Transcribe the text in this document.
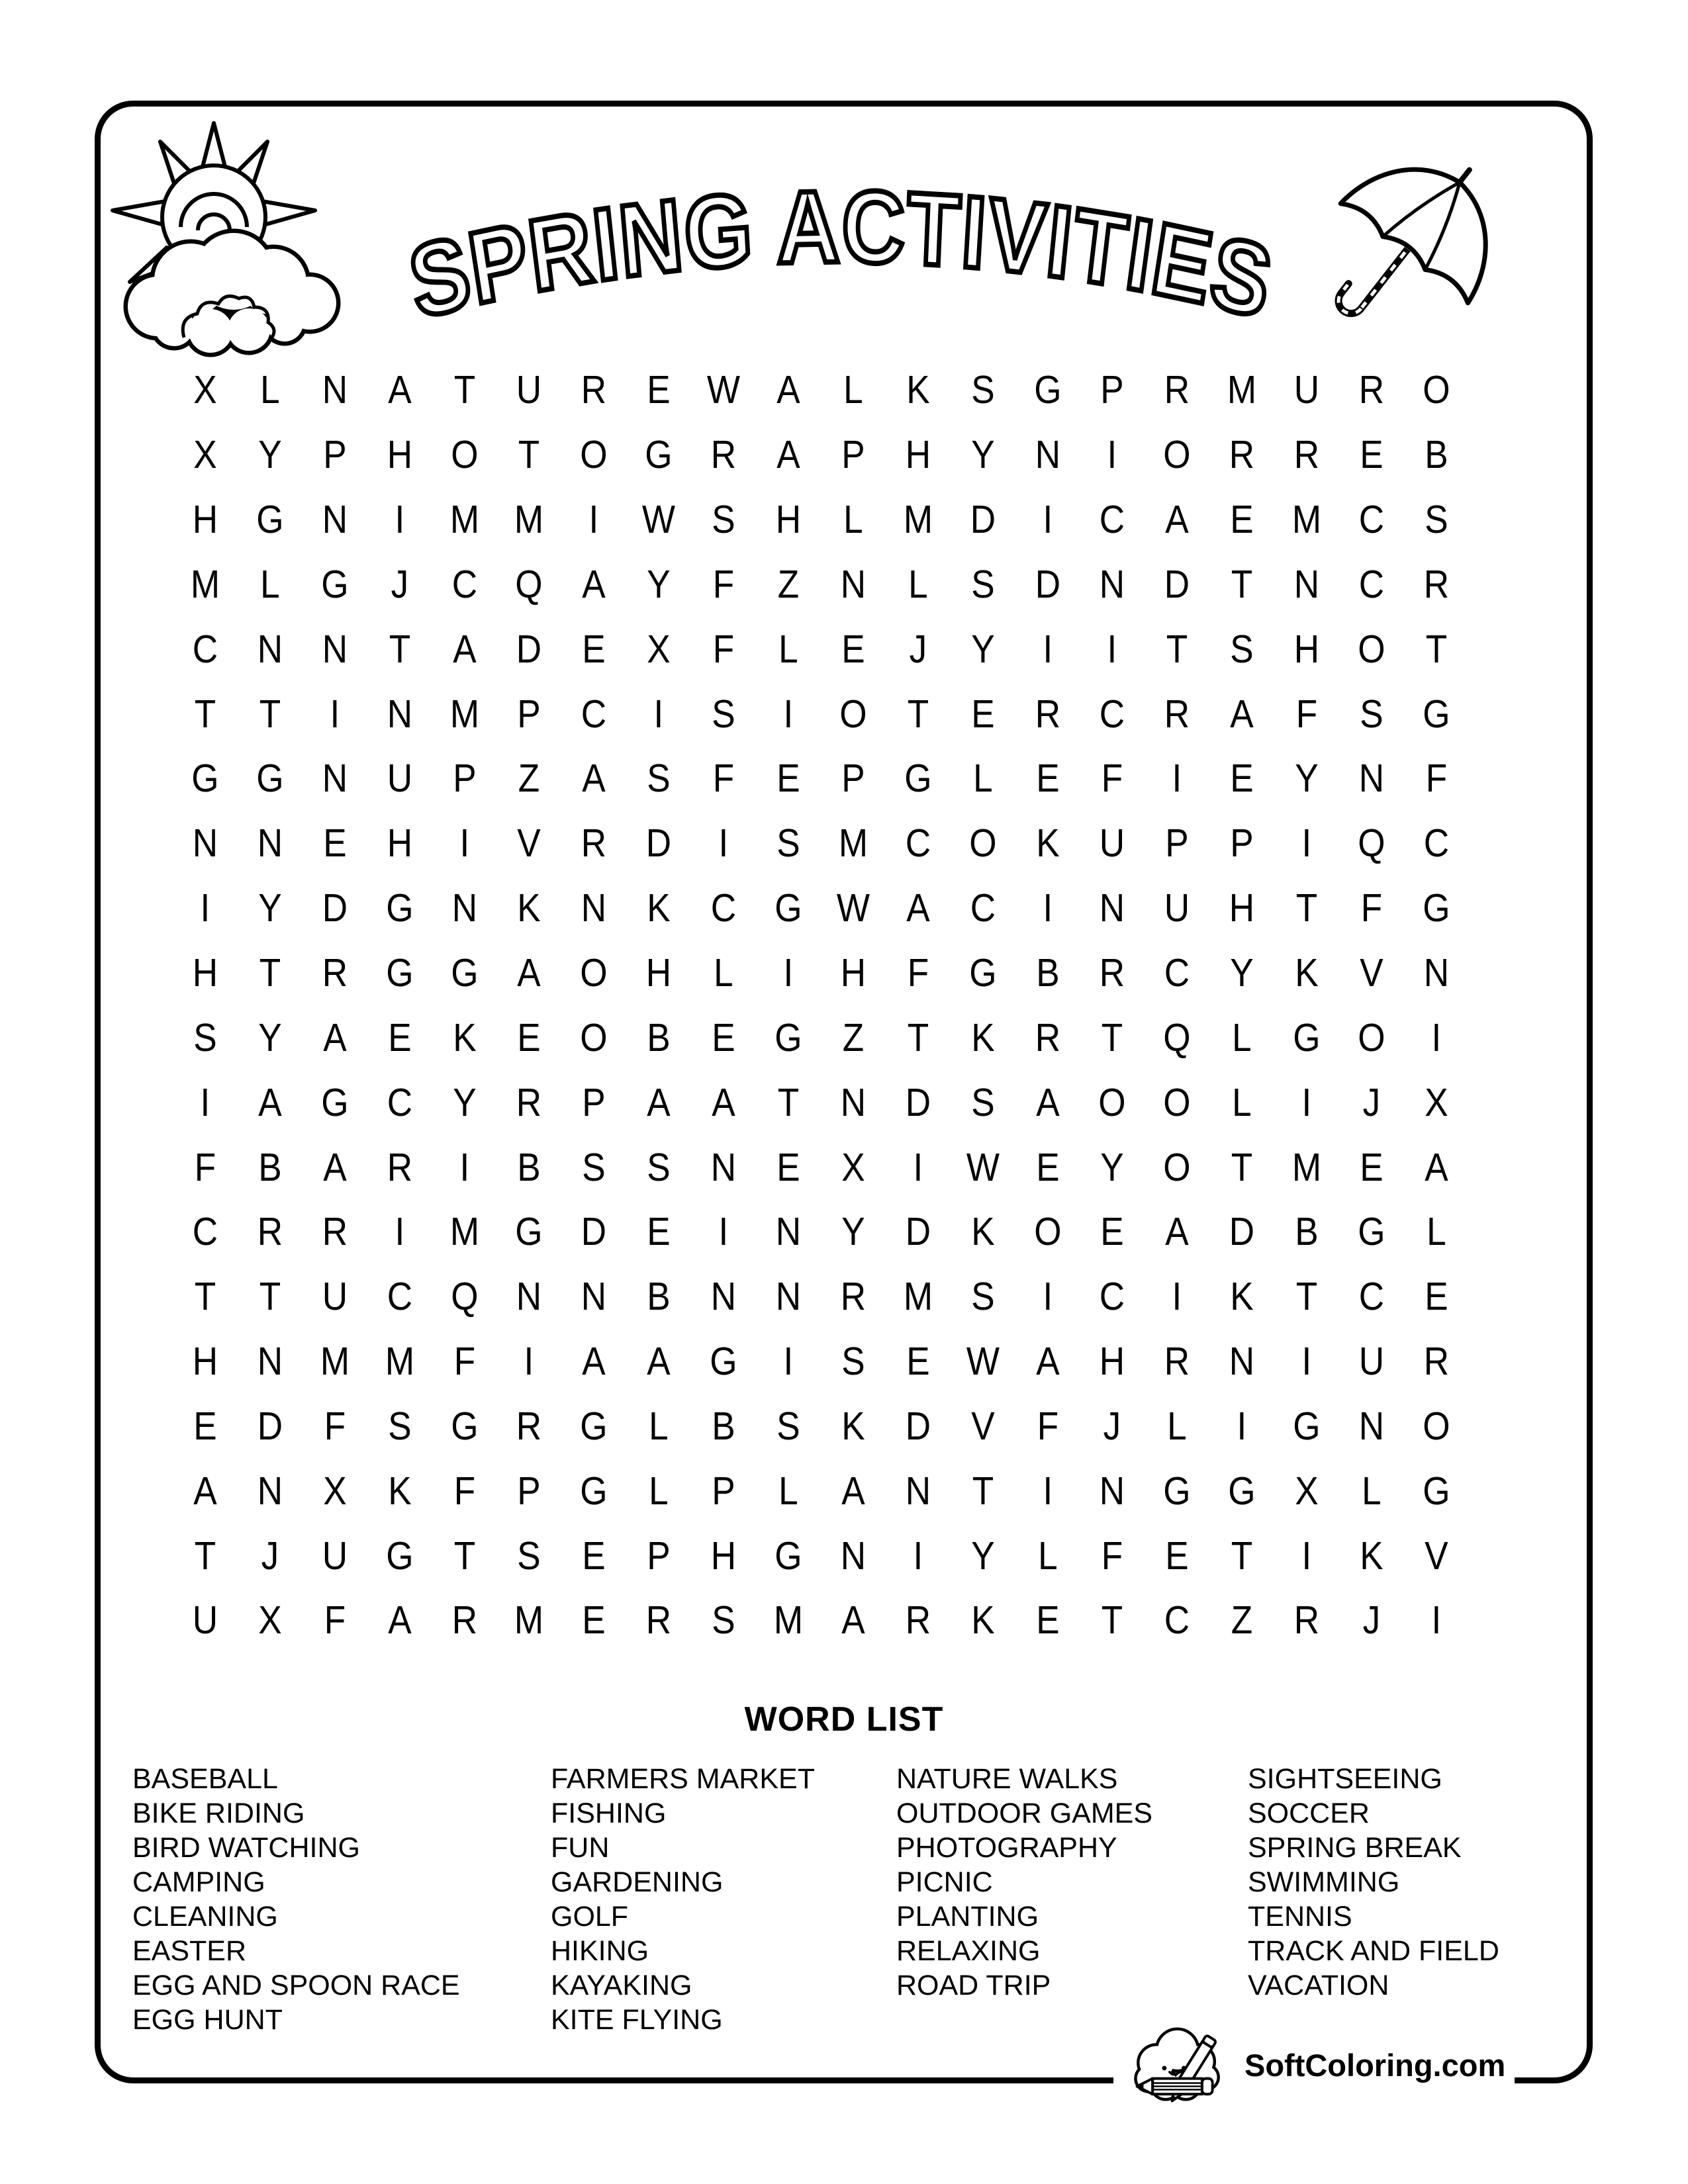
SPRING ACTIVITIES
X	L	N	A	T	U	R	E W A	L	K	S	G	P	R M U	R O
X	Y	P	H O	T	O G R	A	P	H	Y	N	I	O R	R	E	B
H G N	I	M M	I	W S	H	L	M D	I	C	A	E M C	S
M	L	G	J	C Q	A	Y	F	Z	N	L	S	D	N	D	T	N	C	R
C	N	N	T	A	D	E	X	F	L	E	J	Y	I	I	T	S	H O	T
T	T	I	N M P	C	I	S	I	O	T	E	R	C	R	A	F	S	G
G G N	U	P	Z	A	S	F	E	P	G	L	E	F	I	E	Y	N	F
N	N	E	H	I	V	R	D	I	S M C O	K	U	P	P	I	Q C
I	Y	D G N	K	N	K	C G W A	C	I	N	U	H	T	F	G
H	T	R G G	A	O H	L	I	H	F	G	B	R	C	Y	K	V	N
S	Y	A	E	K	E	O	B	E	G	Z	T	K	R	T	Q	L	G O	I
I	A	G C	Y	R	P	A	A	T	N	D	S	A	O O	L	I	J	X
F	B	A	R	I	B	S	S	N	E	X	I	W E	Y	O	T	M E	A
C	R	R	I	M G D	E	I	N	Y	D	K	O	E	A	D	B	G	L
T	T	U	C Q N	N	B	N	N	R M S	I	C	I	K	T	C	E
H	N M M	F	I	A	A	G	I	S	E W A	H	R	N	I	U	R
E	D	F	S	G R G	L	B	S	K	D	V	F	J	L	I	G N O
A	N	X	K	F	P	G	L	P	L	A	N	T	I	N G G	X	L	G
T	J	U G	T	S	E	P	H G N	I	Y	L	F	E	T	I	K	V
U	X	F	A	R M E	R	S M A	R	K	E	T	C	Z	R	J	I
WORD LIST
BASEBALL
BIKE RIDING
BIRD WATCHING
CAMPING
CLEANING
EASTER
EGG AND SPOON RACE
EGG HUNT
FARMERS MARKET
FISHING
FUN
GARDENING
GOLF
HIKING
KAYAKING
KITE FLYING
NATURE WALKS
OUTDOOR GAMES
PHOTOGRAPHY
PICNIC
PLANTING
RELAXING
ROAD TRIP
SIGHTSEEING
SOCCER
SPRING BREAK
SWIMMING
TENNIS
TRACK AND FIELD
VACATION
SoftColoring.com
